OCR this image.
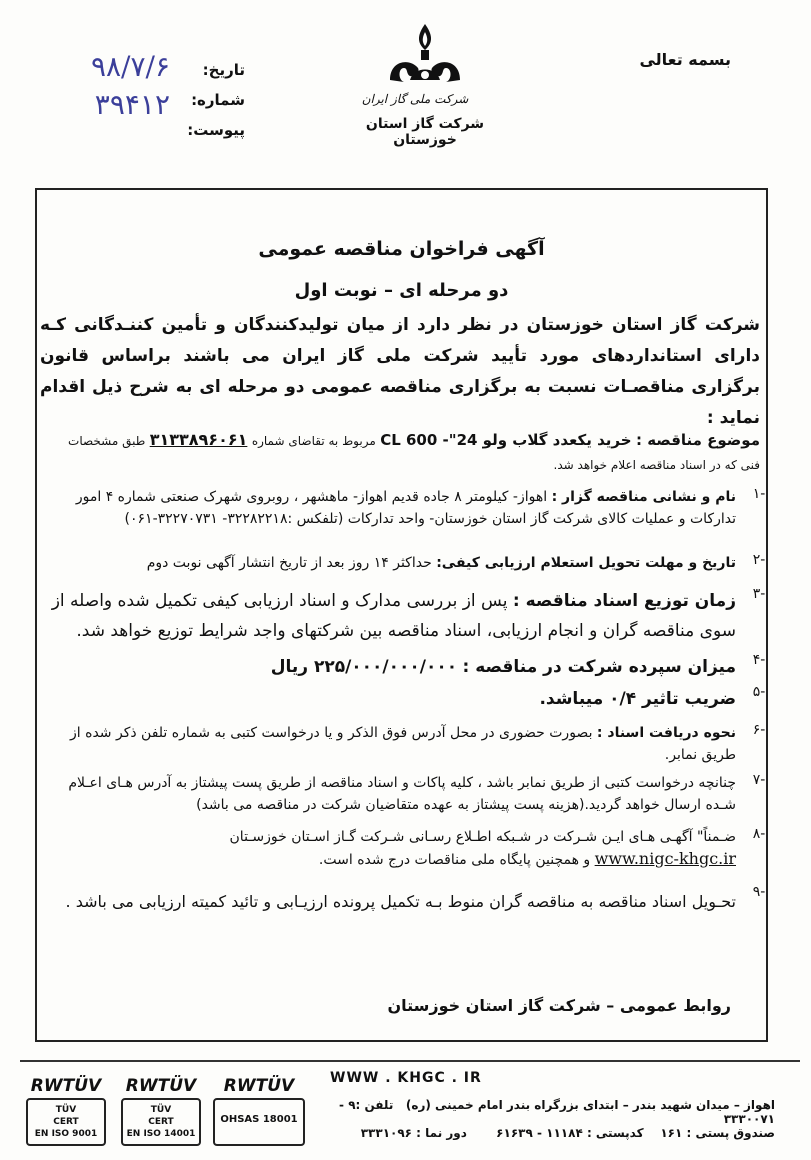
بسمه تعالی
شرکت ملی گاز ایران
شرکت گاز استان خوزستان
تاریخ:
شماره:
پیوست:
۹۸/۷/۶
۳۹۴۱۲
آگهی فراخوان مناقصه عمومی
دو مرحله ای – نوبت اول
شرکت گاز استان خوزستان در نظر دارد از میان تولیدکنندگان و تأمین کننـدگانی کـه دارای استانداردهای مورد تأیید شرکت ملی گاز ایران می باشند براساس قانون برگزاری مناقصـات نسبت به برگزاری مناقصه عمومی دو مرحله ای به شرح ذیل اقدام نماید :
موضوع مناقصه : خرید یکعدد گلاب ولو CL 600 -"24 مربوط به تقاضای شماره ۳۱۳۳۸۹۶۰۶۱ طبق مشخصات فنی که در اسناد مناقصه اعلام خواهد شد.
-۱
نام و نشانی مناقصه گزار : اهواز- کیلومتر ۸ جاده قدیم اهواز- ماهشهر ، روبروی شهرک صنعتی شماره ۴ امور تدارکات و عملیات کالای شرکت گاز استان خوزستان- واحد تدارکات (تلفکس :۳۲۲۸۲۲۱۸- ۳۲۲۷۰۷۳۱-۰۶۱)
-۲
تاریخ و مهلت تحویل استعلام ارزیابی کیفی: حداکثر ۱۴ روز بعد از تاریخ انتشار آگهی نوبت دوم
-۳
زمان توزیع اسناد مناقصه : پس از بررسی مدارک و اسناد ارزیابی کیفی تکمیل شده واصله از سوی مناقصه گران و انجام ارزیابی، اسناد مناقصه بین شرکتهای واجد شرایط توزیع خواهد شد.
-۴
میزان سپرده شرکت در مناقصه : ۲۲۵/۰۰۰/۰۰۰/۰۰۰ ریال
-۵
ضریب تاثیر ۰/۴ میباشد.
-۶
نحوه دریافت اسناد : بصورت حضوری در محل آدرس فوق الذکر و یا درخواست کتبی به شماره تلفن ذکر شده از طریق نمابر.
-۷
چنانچه درخواست کتبی از طریق نمابر باشد ، کلیه پاکات و اسناد مناقصه از طریق پست پیشتاز به آدرس هـای اعـلام شـده ارسال خواهد گردید.(هزینه پست پیشتاز به عهده متقاضیان شرکت در مناقصه می باشد)
-۸
ضـمناً" آگهـی هـای ایـن شـرکت در شـبکه اطـلاع رسـانی شـرکت گـاز اسـتان خوزسـتان
www.nigc-khgc.ir و همچنین پایگاه ملی مناقصات درج شده است.
-۹
تحـویل اسناد مناقصه به مناقصه گران منوط بـه تکمیل پرونده ارزیـابی و تائید کمیته ارزیابی می باشد .
روابط عمومی – شرکت گاز استان خوزستان
RWTÜV
TÜV
CERT
EN ISO 9001
RWTÜV
TÜV
CERT
EN ISO 14001
RWTÜV
OHSAS 18001
WWW . KHGC . IR
اهواز – میدان شهید بندر – ابتدای بزرگراه بندر امام خمینی (ره)   تلفن :۹ - ۳۳۳۰۰۷۱
صندوق پستی : ۱۶۱    کدپستی : ۱۱۱۸۴ - ۶۱۶۳۹       دور نما : ۳۳۳۱۰۹۶
